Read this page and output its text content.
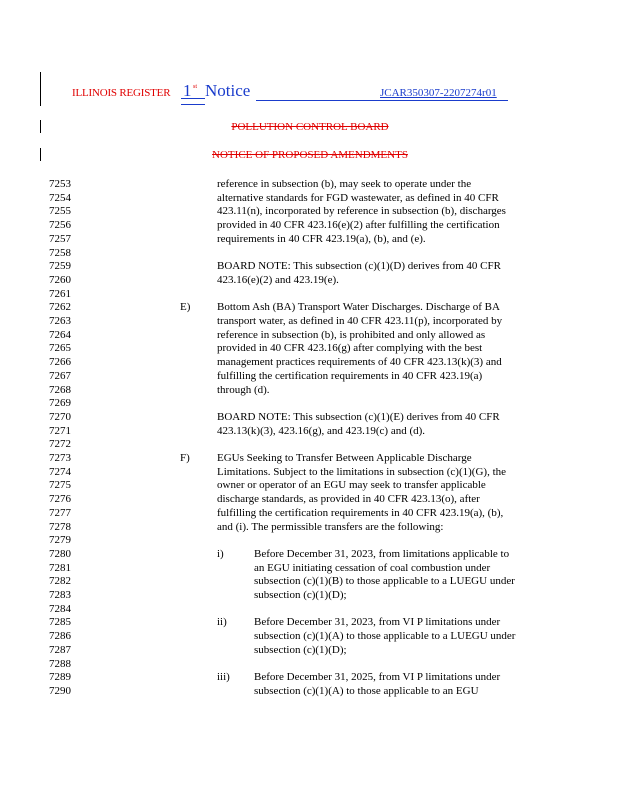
ILLINOIS REGISTER 1 st Notice	JCAR350307-2207274r01
POLLUTION CONTROL BOARD
NOTICE OF PROPOSED AMENDMENTS
7253
7254
7255
7256
7257
7258
7259
7260
7261
7262
7263
7264
7265
7266
7267
7268
7269
7270
7271
7272
7273
7274
7275
7276
7277
7278
7279
7280
7281
7282
7283
7284
7285
7286
7287
7288
7289
7290
reference in subsection (b), may seek to operate under the
alternative standards for FGD wastewater, as defined in 40 CFR
423.11(n), incorporated by reference in subsection (b), discharges
provided in 40 CFR 423.16(e)(2) after fulfilling the certification
requirements in 40 CFR 423.19(a), (b), and (e).
BOARD NOTE: This subsection (c)(1)(D) derives from 40 CFR
423.16(e)(2) and 423.19(e).
E) Bottom Ash (BA) Transport Water Discharges. Discharge of BA
transport water, as defined in 40 CFR 423.11(p), incorporated by
reference in subsection (b), is prohibited and only allowed as
provided in 40 CFR 423.16(g) after complying with the best
management practices requirements of 40 CFR 423.13(k)(3) and
fulfilling the certification requirements in 40 CFR 423.19(a)
through (d).
BOARD NOTE: This subsection (c)(1)(E) derives from 40 CFR
423.13(k)(3), 423.16(g), and 423.19(c) and (d).
F) EGUs Seeking to Transfer Between Applicable Discharge
Limitations. Subject to the limitations in subsection (c)(1)(G), the
owner or operator of an EGU may seek to transfer applicable
discharge standards, as provided in 40 CFR 423.13(o), after
fulfilling the certification requirements in 40 CFR 423.19(a), (b),
and (i). The permissible transfers are the following:
i)	Before December 31, 2023, from limitations applicable to
an EGU initiating cessation of coal combustion under
subsection (c)(1)(B) to those applicable to a LUEGU under
subsection (c)(1)(D);
ii) Before December 31, 2023, from VI P limitations under
subsection (c)(1)(A) to those applicable to a LUEGU under
subsection (c)(1)(D);
iii) Before December 31, 2025, from VI P limitations under
subsection (c)(1)(A) to those applicable to an EGU
